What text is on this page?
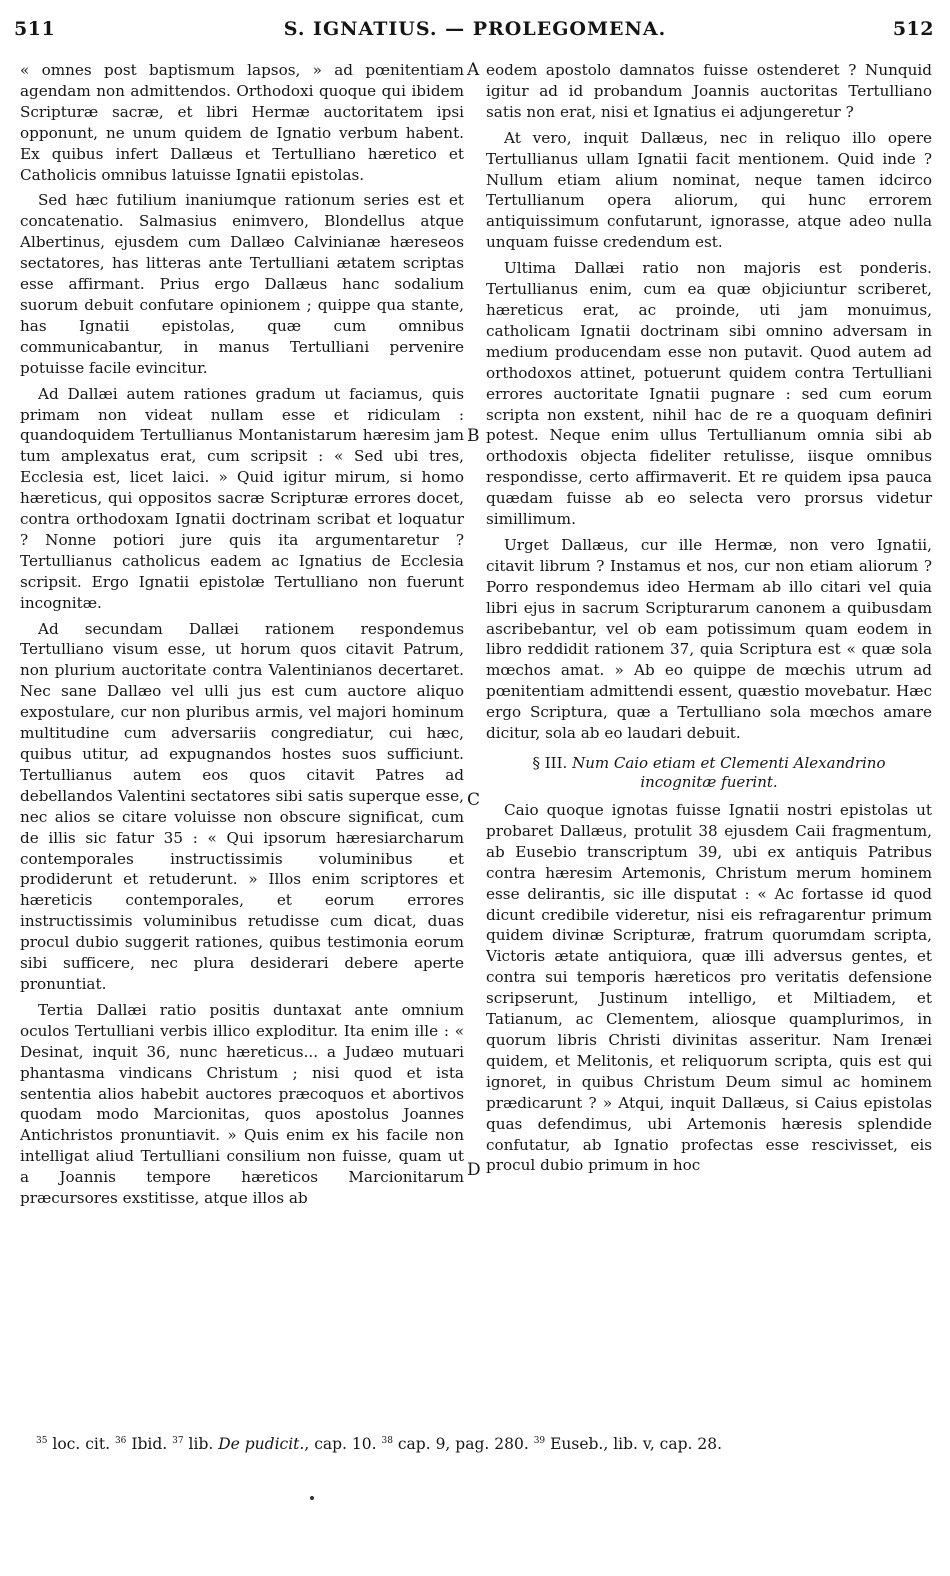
511	S. IGNATIUS. — PROLEGOMENA.	512

« omnes post baptismum lapsos, » ad pœnitentiam agendam non admittendos. Orthodoxi quoque qui ibidem Scripturæ sacræ, et libri Hermæ auctoritatem ipsi opponunt, ne unum quidem de Ignatio verbum habent. Ex quibus infert Dallæus et Tertulliano hæretico et Catholicis omnibus latuisse Ignatii epistolas.

Sed hæc futilium inaniumque rationum series est et concatenatio. Salmasius enimvero, Blondellus atque Albertinus, ejusdem cum Dallæo Calvinianæ hæreseos sectatores, has litteras ante Tertulliani ætatem scriptas esse affirmant. Prius ergo Dallæus hanc sodalium suorum debuit confutare opinionem ; quippe qua stante, has Ignatii epistolas, quæ cum omnibus communicabantur, in manus Tertulliani pervenire potuisse facile evincitur.

Ad Dallæi autem rationes gradum ut faciamus, quis primam non videat nullam esse et ridiculam : quandoquidem Tertullianus Montanistarum hæresim jam tum amplexatus erat, cum scripsit : « Sed ubi tres, Ecclesia est, licet laici. » Quid igitur mirum, si homo hæreticus, qui oppositos sacræ Scripturæ errores docet, contra orthodoxam Ignatii doctrinam scribat et loquatur ? Nonne potiori jure quis ita argumentaretur ? Tertullianus catholicus eadem ac Ignatius de Ecclesia scripsit. Ergo Ignatii epistolæ Tertulliano non fuerunt incognitæ.

Ad secundam Dallæi rationem respondemus Tertulliano visum esse, ut horum quos citavit Patrum, non plurium auctoritate contra Valentinianos decertaret. Nec sane Dallæo vel ulli jus est cum auctore aliquo expostulare, cur non pluribus armis, vel majori hominum multitudine cum adversariis congrediatur, cui hæc, quibus utitur, ad expugnandos hostes suos sufficiunt. Tertullianus autem eos quos citavit Patres ad debellandos Valentini sectatores sibi satis superque esse, nec alios se citare voluisse non obscure significat, cum de illis sic fatur 35 : « Qui ipsorum hæresiarcharum contemporales instructissimis voluminibus et prodiderunt et retuderunt. » Illos enim scriptores et hæreticis contemporales, et eorum errores instructissimis voluminibus retudisse cum dicat, duas procul dubio suggerit rationes, quibus testimonia eorum sibi sufficere, nec plura desiderari debere aperte pronuntiat.

Tertia Dallæi ratio positis duntaxat ante omnium oculos Tertulliani verbis illico exploditur. Ita enim ille : « Desinat, inquit 36, nunc hæreticus... a Judæo mutuari phantasma vindicans Christum ; nisi quod et ista sententia alios habebit auctores præcoquos et abortivos quodam modo Marcionitas, quos apostolus Joannes Antichristos pronuntiavit. » Quis enim ex his facile non intelligat aliud Tertulliani consilium non fuisse, quam ut a Joannis tempore hæreticos Marcionitarum præcursores exstitisse, atque illos ab

A
B
C
D

eodem apostolo damnatos fuisse ostenderet ? Nunquid igitur ad id probandum Joannis auctoritas Tertulliano satis non erat, nisi et Ignatius ei adjungeretur ?

At vero, inquit Dallæus, nec in reliquo illo opere Tertullianus ullam Ignatii facit mentionem. Quid inde ? Nullum etiam alium nominat, neque tamen idcirco Tertullianum opera aliorum, qui hunc errorem antiquissimum confutarunt, ignorasse, atque adeo nulla unquam fuisse credendum est.

Ultima Dallæi ratio non majoris est ponderis. Tertullianus enim, cum ea quæ objiciuntur scriberet, hæreticus erat, ac proinde, uti jam monuimus, catholicam Ignatii doctrinam sibi omnino adversam in medium producendam esse non putavit. Quod autem ad orthodoxos attinet, potuerunt quidem contra Tertulliani errores auctoritate Ignatii pugnare : sed cum eorum scripta non exstent, nihil hac de re a quoquam definiri potest. Neque enim ullus Tertullianum omnia sibi ab orthodoxis objecta fideliter retulisse, iisque omnibus respondisse, certo affirmaverit. Et re quidem ipsa pauca quædam fuisse ab eo selecta vero prorsus videtur simillimum.

Urget Dallæus, cur ille Hermæ, non vero Ignatii, citavit librum ? Instamus et nos, cur non etiam aliorum ? Porro respondemus ideo Hermam ab illo citari vel quia libri ejus in sacrum Scripturarum canonem a quibusdam ascribebantur, vel ob eam potissimum quam eodem in libro reddidit rationem 37, quia Scriptura est « quæ sola mœchos amat. » Ab eo quippe de mœchis utrum ad pœnitentiam admittendi essent, quæstio movebatur. Hæc ergo Scriptura, quæ a Tertulliano sola mœchos amare dicitur, sola ab eo laudari debuit.

§ III. Num Caio etiam et Clementi Alexandrino incognitæ fuerint.

Caio quoque ignotas fuisse Ignatii nostri epistolas ut probaret Dallæus, protulit 38 ejusdem Caii fragmentum, ab Eusebio transcriptum 39, ubi ex antiquis Patribus contra hæresim Artemonis, Christum merum hominem esse delirantis, sic ille disputat : « Ac fortasse id quod dicunt credibile videretur, nisi eis refragarentur primum quidem divinæ Scripturæ, fratrum quorumdam scripta, Victoris ætate antiquiora, quæ illi adversus gentes, et contra sui temporis hæreticos pro veritatis defensione scripserunt, Justinum intelligo, et Miltiadem, et Tatianum, ac Clementem, aliosque quamplurimos, in quorum libris Christi divinitas asseritur. Nam Irenæi quidem, et Melitonis, et reliquorum scripta, quis est qui ignoret, in quibus Christum Deum simul ac hominem prædicarunt ? » Atqui, inquit Dallæus, si Caius epistolas quas defendimus, ubi Artemonis hæresis splendide confutatur, ab Ignatio profectas esse rescivisset, eis procul dubio primum in hoc

$^{35}$ loc. cit. $^{36}$ Ibid. $^{37}$ lib. De pudicit., cap. 10. $^{38}$ cap. 9, pag. 280. $^{39}$ Euseb., lib. v, cap. 28.
